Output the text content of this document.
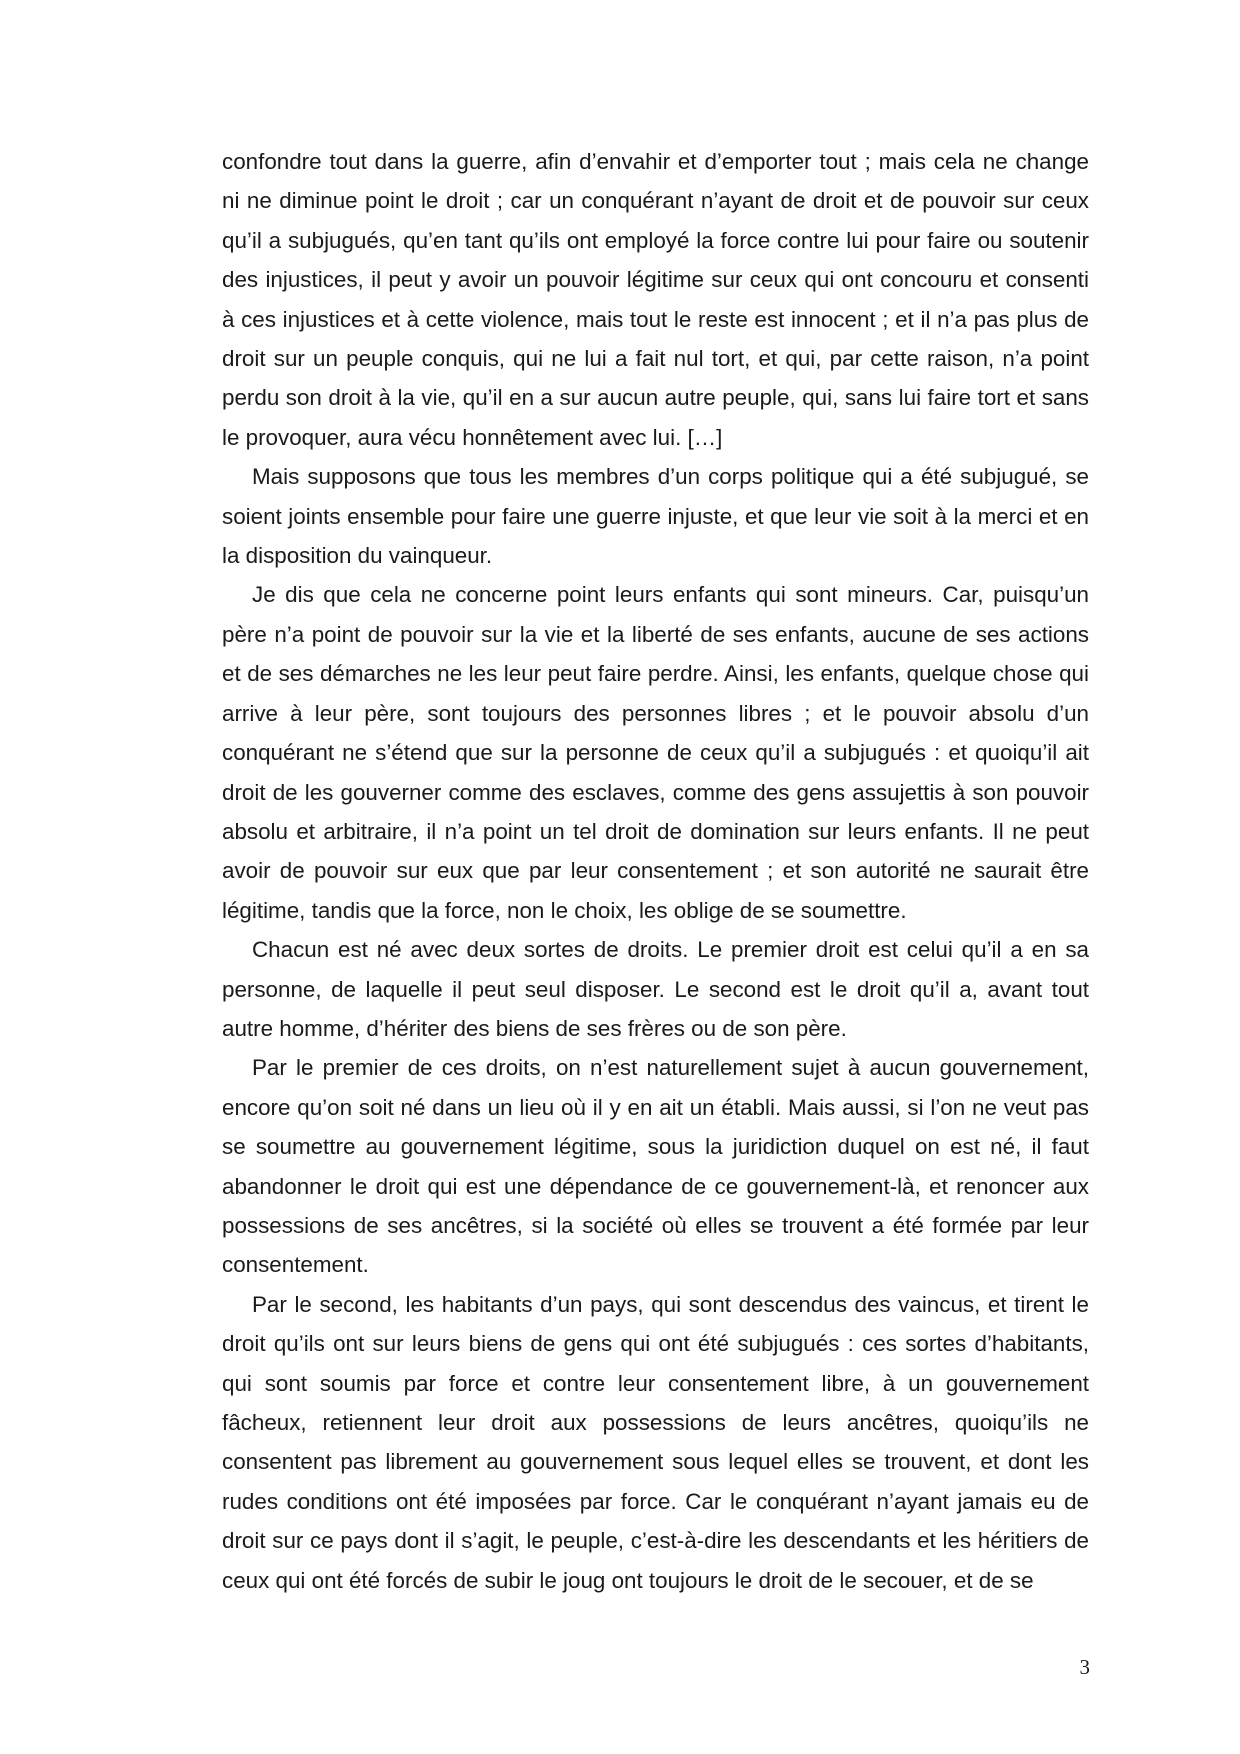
confondre tout dans la guerre, afin d’envahir et d’emporter tout ; mais cela ne change ni ne diminue point le droit ; car un conquérant n’ayant de droit et de pouvoir sur ceux qu’il a subjugués, qu’en tant qu’ils ont employé la force contre lui pour faire ou soutenir des injustices, il peut y avoir un pouvoir légitime sur ceux qui ont concouru et consenti à ces injustices et à cette violence, mais tout le reste est innocent ; et il n’a pas plus de droit sur un peuple conquis, qui ne lui a fait nul tort, et qui, par cette raison, n’a point perdu son droit à la vie, qu’il en a sur aucun autre peuple, qui, sans lui faire tort et sans le provoquer, aura vécu honnêtement avec lui. […]

Mais supposons que tous les membres d’un corps politique qui a été subjugué, se soient joints ensemble pour faire une guerre injuste, et que leur vie soit à la merci et en la disposition du vainqueur.

Je dis que cela ne concerne point leurs enfants qui sont mineurs. Car, puisqu’un père n’a point de pouvoir sur la vie et la liberté de ses enfants, aucune de ses actions et de ses démarches ne les leur peut faire perdre. Ainsi, les enfants, quelque chose qui arrive à leur père, sont toujours des personnes libres ; et le pouvoir absolu d’un conquérant ne s’étend que sur la personne de ceux qu’il a subjugués : et quoiqu’il ait droit de les gouverner comme des esclaves, comme des gens assujettis à son pouvoir absolu et arbitraire, il n’a point un tel droit de domination sur leurs enfants. Il ne peut avoir de pouvoir sur eux que par leur consentement ; et son autorité ne saurait être légitime, tandis que la force, non le choix, les oblige de se soumettre.

Chacun est né avec deux sortes de droits. Le premier droit est celui qu’il a en sa personne, de laquelle il peut seul disposer. Le second est le droit qu’il a, avant tout autre homme, d’hériter des biens de ses frères ou de son père.

Par le premier de ces droits, on n’est naturellement sujet à aucun gouvernement, encore qu’on soit né dans un lieu où il y en ait un établi. Mais aussi, si l’on ne veut pas se soumettre au gouvernement légitime, sous la juridiction duquel on est né, il faut abandonner le droit qui est une dépendance de ce gouvernement-là, et renoncer aux possessions de ses ancêtres, si la société où elles se trouvent a été formée par leur consentement.

Par le second, les habitants d’un pays, qui sont descendus des vaincus, et tirent le droit qu’ils ont sur leurs biens de gens qui ont été subjugués : ces sortes d’habitants, qui sont soumis par force et contre leur consentement libre, à un gouvernement fâcheux, retiennent leur droit aux possessions de leurs ancêtres, quoiqu’ils ne consentent pas librement au gouvernement sous lequel elles se trouvent, et dont les rudes conditions ont été imposées par force. Car le conquérant n’ayant jamais eu de droit sur ce pays dont il s’agit, le peuple, c’est-à-dire les descendants et les héritiers de ceux qui ont été forcés de subir le joug ont toujours le droit de le secouer, et de se

3
